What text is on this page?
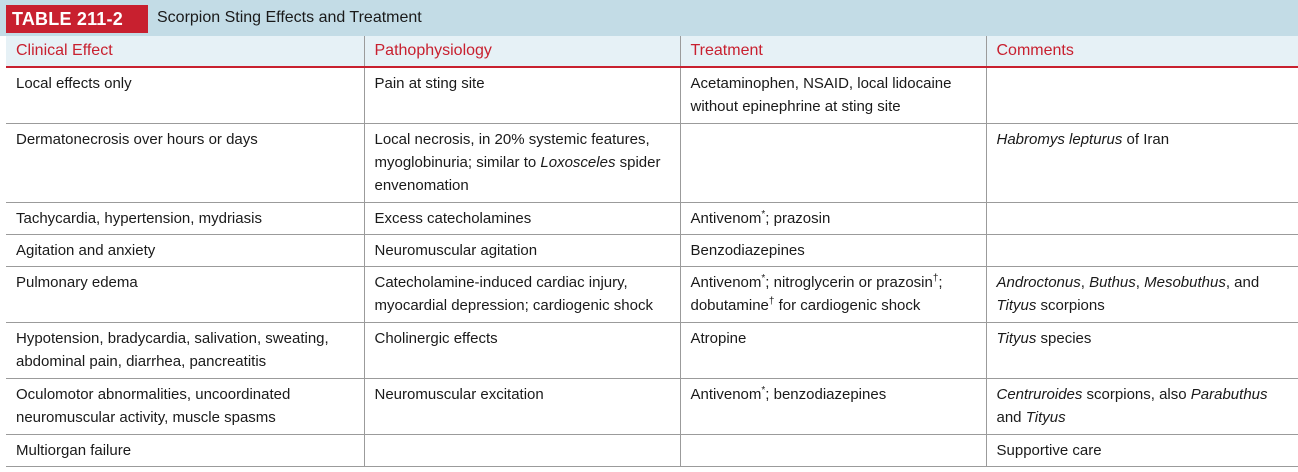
TABLE 211-2	Scorpion Sting Effects and Treatment
Clinical Effect	Pathophysiology	Treatment	Comments
Local effects only	Pain at sting site	Acetaminophen, NSAID, local lidocaine without epinephrine at sting site	
Dermatonecrosis over hours or days	Local necrosis, in 20% systemic features, myoglobinuria; similar to Loxosceles spider envenomation		Habromys lepturus of Iran
Tachycardia, hypertension, mydriasis	Excess catecholamines	Antivenom*; prazosin	
Agitation and anxiety	Neuromuscular agitation	Benzodiazepines	
Pulmonary edema	Catecholamine-induced cardiac injury, myocardial depression; cardiogenic shock	Antivenom*; nitroglycerin or prazosin†; dobutamine† for cardiogenic shock	Androctonus, Buthus, Mesobuthus, and Tityus scorpions
Hypotension, bradycardia, salivation, sweating, abdominal pain, diarrhea, pancreatitis	Cholinergic effects	Atropine	Tityus species
Oculomotor abnormalities, uncoordinated neuromuscular activity, muscle spasms	Neuromuscular excitation	Antivenom*; benzodiazepines	Centruroides scorpions, also Parabuthus and Tityus
Multiorgan failure			Supportive care
